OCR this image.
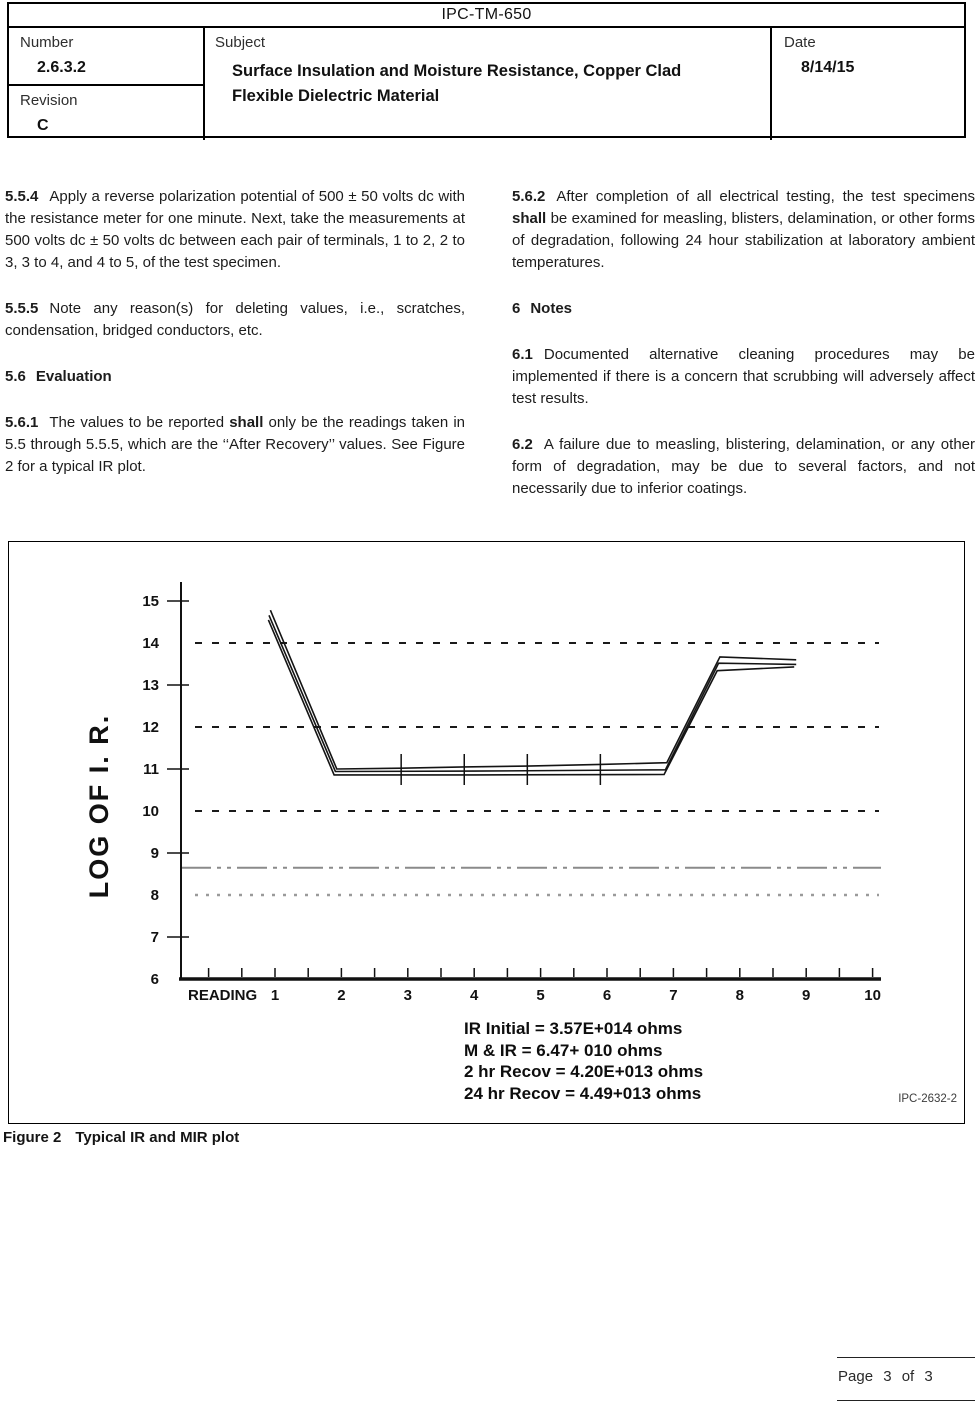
IPC-TM-650
Number
2.6.3.2
Revision
C
Subject
Surface Insulation and Moisture Resistance, Copper Clad
Flexible Dielectric Material
Date
8/14/15

5.5.4 Apply a reverse polarization potential of 500 ± 50 volts dc with the resistance meter for one minute. Next, take the measurements at 500 volts dc ± 50 volts dc between each pair of terminals, 1 to 2, 2 to 3, 3 to 4, and 4 to 5, of the test specimen.

5.5.5 Note any reason(s) for deleting values, i.e., scratches, condensation, bridged conductors, etc.

5.6 Evaluation

5.6.1 The values to be reported shall only be the readings taken in 5.5 through 5.5.5, which are the ‘‘After Recovery’’ values. See Figure 2 for a typical IR plot.

5.6.2 After completion of all electrical testing, the test specimens shall be examined for measling, blisters, delamination, or other forms of degradation, following 24 hour stabilization at laboratory ambient temperatures.

6 Notes

6.1 Documented alternative cleaning procedures may be implemented if there is a concern that scrubbing will adversely affect test results.

6.2 A failure due to measling, blistering, delamination, or any other form of degradation, may be due to several factors, and not necessarily due to inferior coatings.

6
7
8
9
10
11
12
13
14
15
1	2	3	4	5	6	7	8	9	10
READING
LOG OF I. R.
IR Initial = 3.57E+014 ohms
M & IR = 6.47+ 010 ohms
2 hr Recov = 4.20E+013 ohms
24 hr Recov = 4.49+013 ohms	IPC-2632-2
Figure 2 Typical IR and MIR plot
Page 3 of 3
